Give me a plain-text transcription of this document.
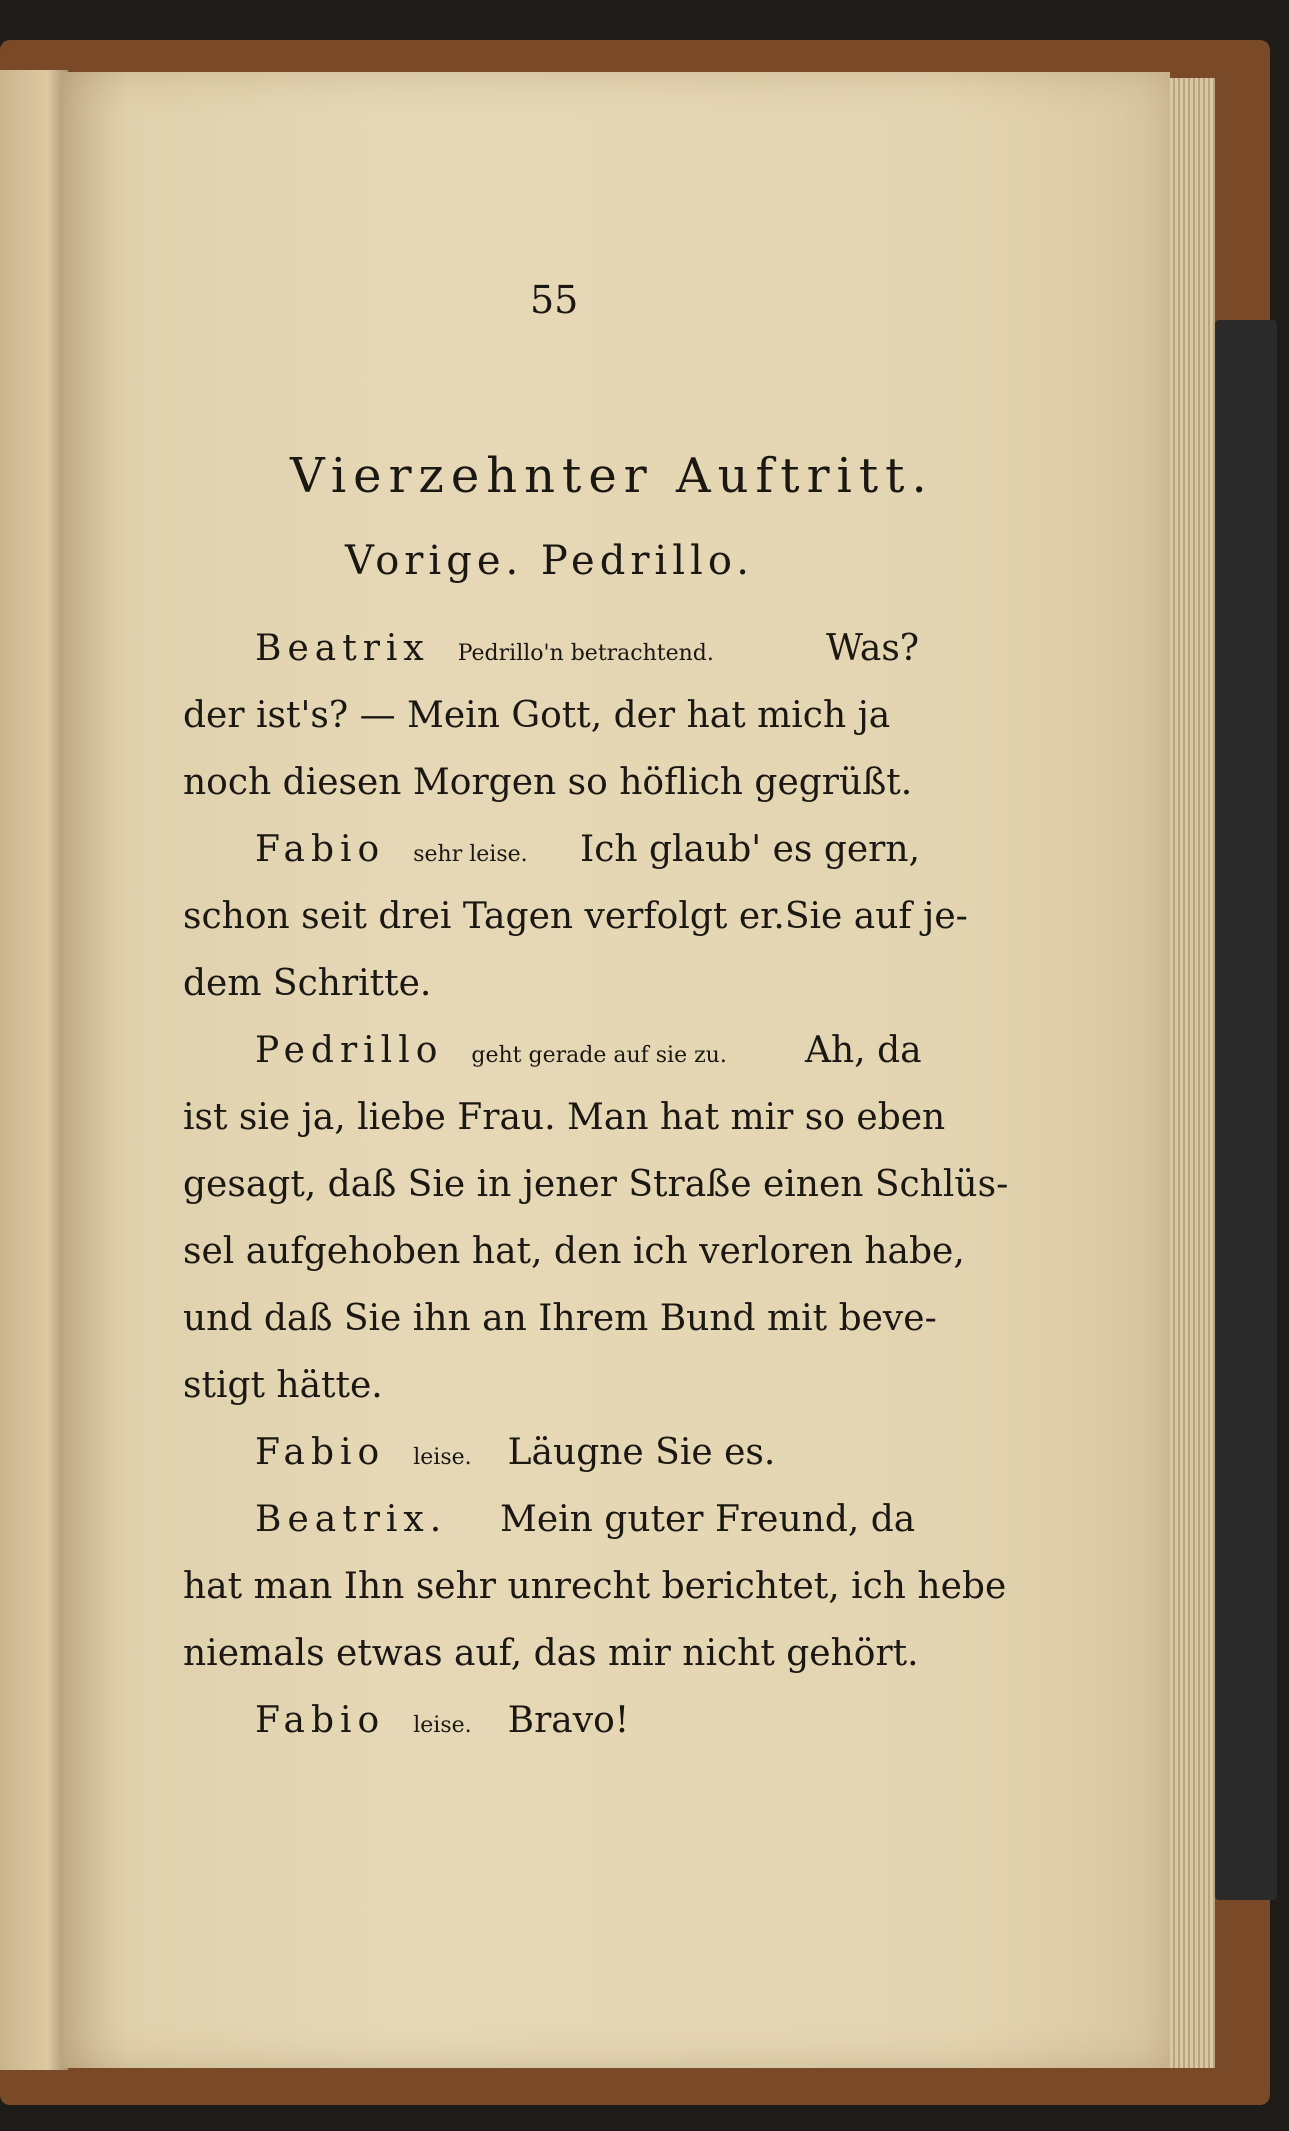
55
Vierzehnter Auftritt.
Vorige. Pedrillo.
Beatrix Pedrillo'n betrachtend.	Was?
der ist's? — Mein Gott, der hat mich ja
noch diesen Morgen so höflich gegrüßt.
Fabio sehr leise.	Ich glaub' es gern,
schon seit drei Tagen verfolgt er.Sie auf je-
dem Schritte.
Pedrillo geht gerade auf sie zu.	Ah, da
ist sie ja, liebe Frau. Man hat mir so eben
gesagt, daß Sie in jener Straße einen Schlüs-
sel aufgehoben hat, den ich verloren habe,
und daß Sie ihn an Ihrem Bund mit beve-
stigt hätte.
Fabio leise. Läugne Sie es.
Beatrix. Mein guter Freund, da
hat man Ihn sehr unrecht berichtet, ich hebe
niemals etwas auf, das mir nicht gehört.
Fabio leise. Bravo!
